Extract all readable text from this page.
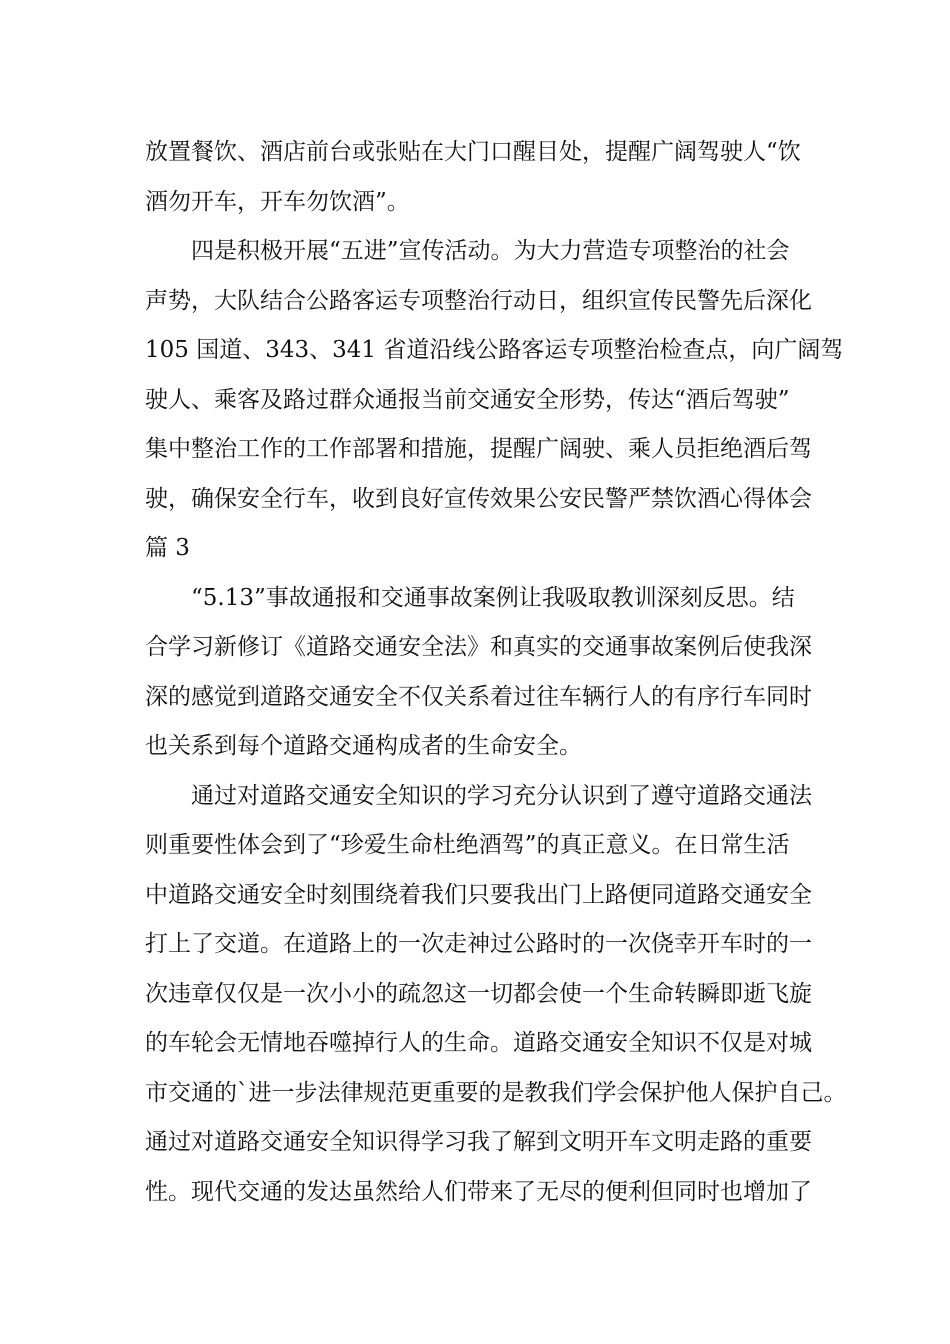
放置餐饮、酒店前台或张贴在大门口醒目处，提醒广阔驾驶人“饮
酒勿开车，开车勿饮酒”。
四是积极开展“五进”宣传活动。为大力营造专项整治的社会
声势，大队结合公路客运专项整治行动日，组织宣传民警先后深化
105 国道、343、341 省道沿线公路客运专项整治检查点，向广阔驾
驶人、乘客及路过群众通报当前交通安全形势，传达“酒后驾驶”
集中整治工作的工作部署和措施，提醒广阔驶、乘人员拒绝酒后驾
驶，确保安全行车，收到良好宣传效果公安民警严禁饮酒心得体会
篇 3
“5.13”事故通报和交通事故案例让我吸取教训深刻反思。结
合学习新修订《道路交通安全法》和真实的交通事故案例后使我深
深的感觉到道路交通安全不仅关系着过往车辆行人的有序行车同时
也关系到每个道路交通构成者的生命安全。
通过对道路交通安全知识的学习充分认识到了遵守道路交通法
则重要性体会到了“珍爱生命杜绝酒驾”的真正意义。在日常生活
中道路交通安全时刻围绕着我们只要我出门上路便同道路交通安全
打上了交道。在道路上的一次走神过公路时的一次侥幸开车时的一
次违章仅仅是一次小小的疏忽这一切都会使一个生命转瞬即逝飞旋
的车轮会无情地吞噬掉行人的生命。道路交通安全知识不仅是对城
市交通的`进一步法律规范更重要的是教我们学会保护他人保护自己。
通过对道路交通安全知识得学习我了解到文明开车文明走路的重要
性。现代交通的发达虽然给人们带来了无尽的便利但同时也增加了
